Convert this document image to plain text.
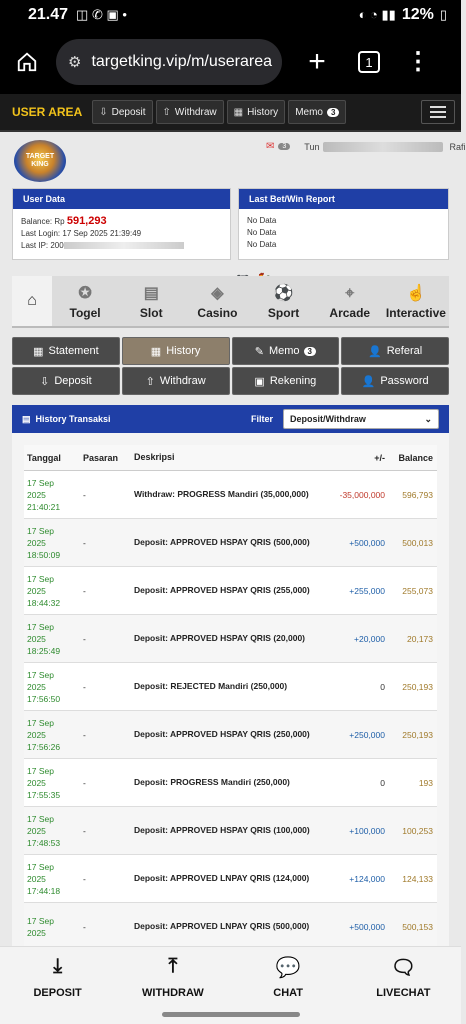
21.47 ◫ ✆ ▣ •	◐ ◔ ▮▮ 12% ▯
⚙ targetking.vip/m/userarea +	1 ⋮
USER AREA ⇩ Deposit ⇧ Withdraw ▦ History Memo	3
TARGET
KING
✉	3	Tun	Rafi
User Data
Balance: Rp 591,293
Last Login: 17 Sep 2025 21:39:49
Last IP: 200
Last Bet/Win Report
No Data
No Data
No Data
⌂	✪
Togel
▤
Slot
◈
Casino
⚽
Sport
⌖
Arcade
☝
Interactive
▦ Statement	▦ History	✎ Memo	3	👤 Referal
⇩ Deposit	⇧ Withdraw	▣ Rekening	👤 Password
▤ History Transaksi	Filter Deposit/Withdraw	⌄
Tanggal	Pasaran	Deskripsi	+/-	Balance
17 Sep
2025
21:40:21
-	Withdraw: PROGRESS Mandiri (35,000,000)	-35,000,000	596,793
17 Sep
2025
18:50:09
-	Deposit: APPROVED HSPAY QRIS (500,000)	+500,000	500,013
17 Sep
2025
18:44:32
-	Deposit: APPROVED HSPAY QRIS (255,000)	+255,000	255,073
17 Sep
2025
18:25:49
-	Deposit: APPROVED HSPAY QRIS (20,000)	+20,000	20,173
17 Sep
2025
17:56:50
-	Deposit: REJECTED Mandiri (250,000)	0	250,193
17 Sep
2025
17:56:26
-	Deposit: APPROVED HSPAY QRIS (250,000)	+250,000	250,193
17 Sep
2025
17:55:35
-	Deposit: PROGRESS Mandiri (250,000)	0	193
17 Sep
2025
17:48:53
-	Deposit: APPROVED HSPAY QRIS (100,000)	+100,000	100,253
17 Sep
2025
17:44:18
-	Deposit: APPROVED LNPAY QRIS (124,000)	+124,000	124,133
17 Sep
2025
-	Deposit: APPROVED LNPAY QRIS (500,000)	+500,000	500,153
⤓
DEPOSIT
⤒
WITHDRAW
💬
CHAT
🗨
LIVECHAT
